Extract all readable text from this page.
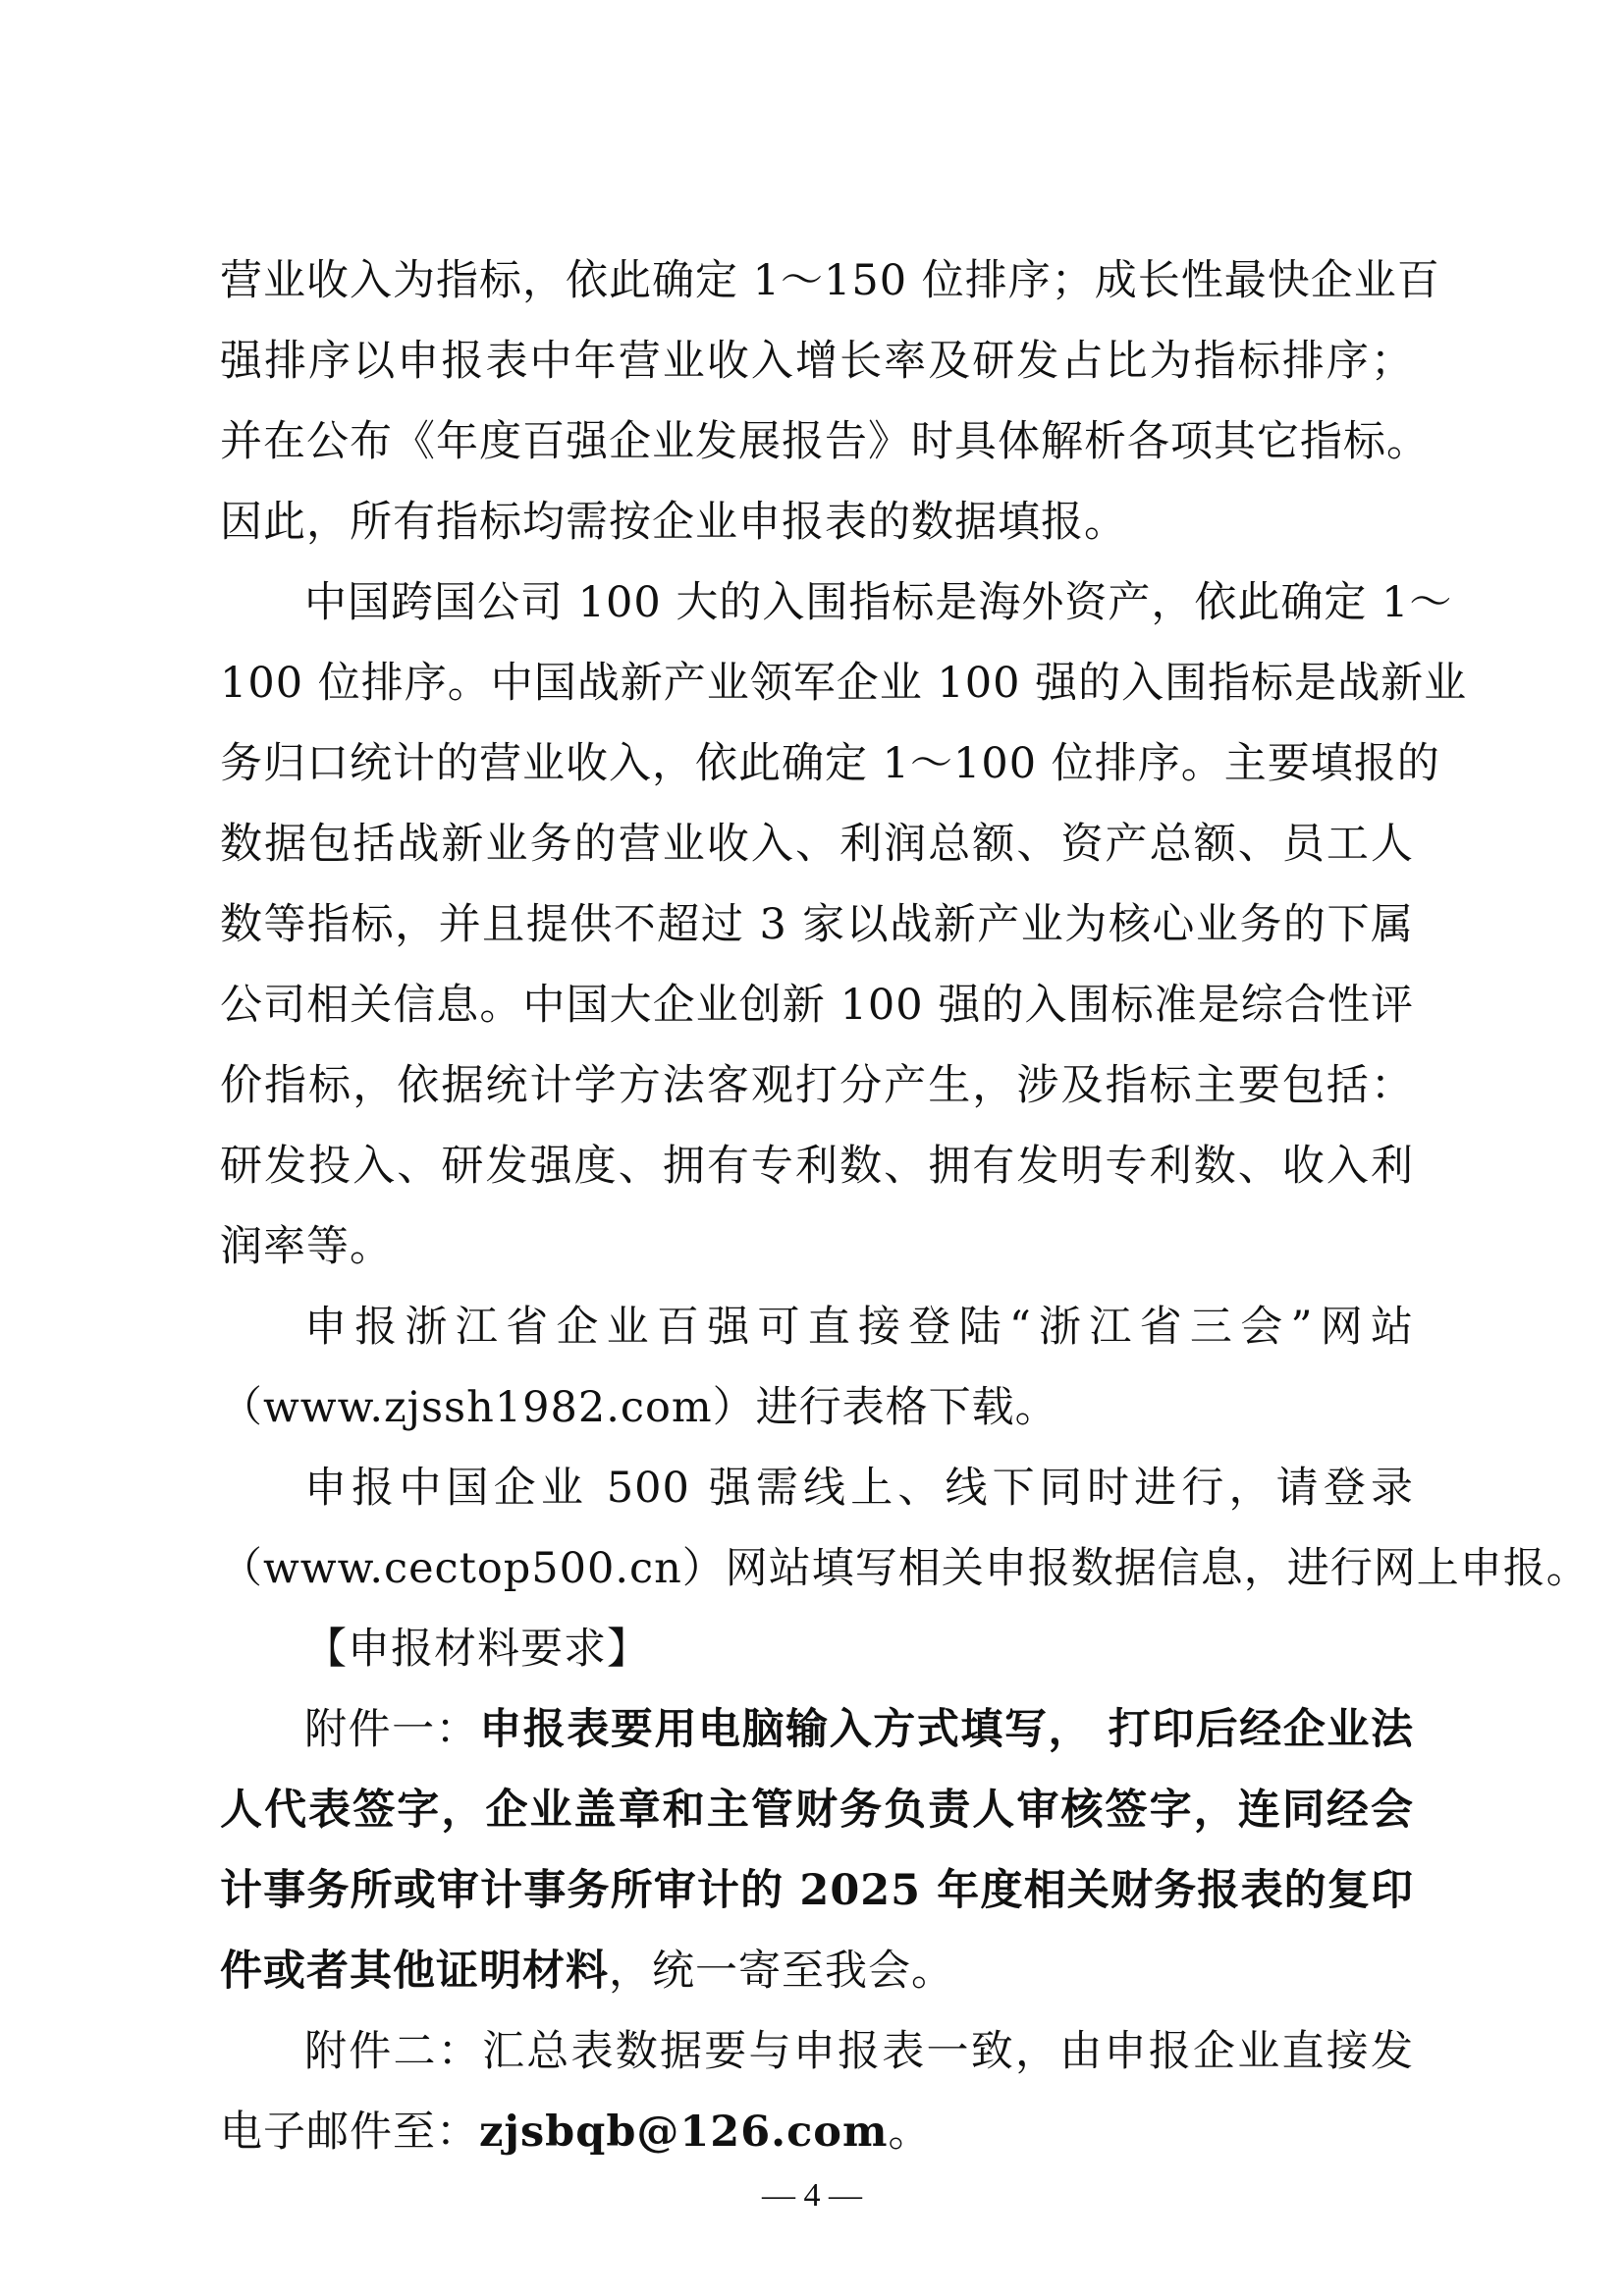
营业收入为指标，依此确定 1～150 位排序；成长性最快企业百
强排序以申报表中年营业收入增长率及研发占比为指标排序；
并在公布《年度百强企业发展报告》时具体解析各项其它指标。
因此，所有指标均需按企业申报表的数据填报。
中国跨国公司 100 大的入围指标是海外资产，依此确定 1～
100 位排序。中国战新产业领军企业 100 强的入围指标是战新业
务归口统计的营业收入，依此确定 1～100 位排序。主要填报的
数据包括战新业务的营业收入、利润总额、资产总额、员工人
数等指标，并且提供不超过 3 家以战新产业为核心业务的下属
公司相关信息。中国大企业创新 100 强的入围标准是综合性评
价指标，依据统计学方法客观打分产生，涉及指标主要包括：
研发投入、研发强度、拥有专利数、拥有发明专利数、收入利
润率等。
申报浙江省企业百强可直接登陆“浙江省三会”网站
（www.zjssh1982.com）进行表格下载。
申报中国企业 500 强需线上、线下同时进行，请登录
（www.cectop500.cn）网站填写相关申报数据信息，进行网上申报。
【申报材料要求】
附件一：申报表要用电脑输入方式填写， 打印后经企业法
人代表签字，企业盖章和主管财务负责人审核签字，连同经会
计事务所或审计事务所审计的 2025 年度相关财务报表的复印
件或者其他证明材料，统一寄至我会。
附件二：汇总表数据要与申报表一致，由申报企业直接发
电子邮件至：zjsbqb@126.com。
— 4 —
